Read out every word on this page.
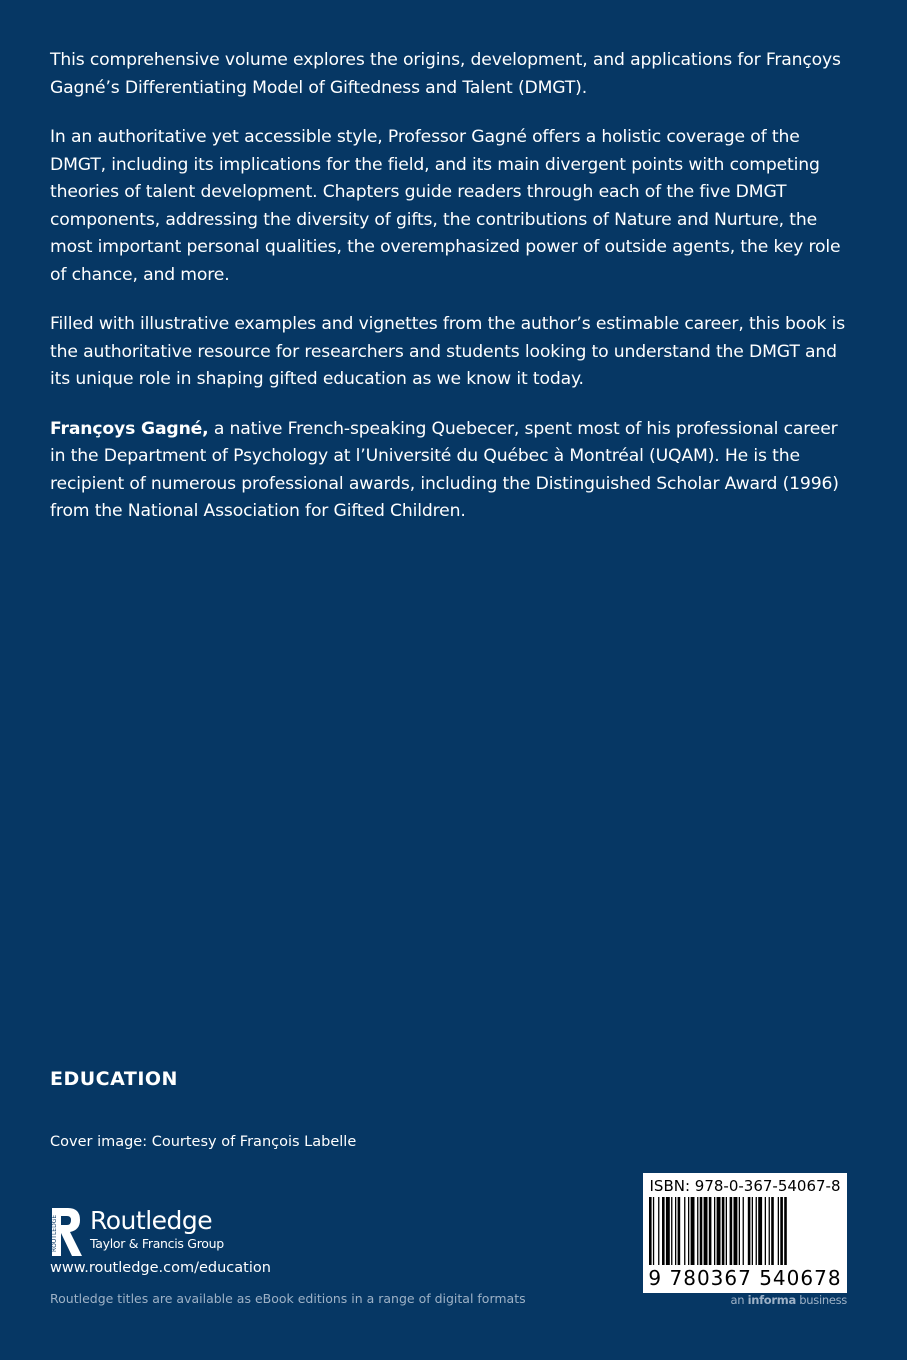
This comprehensive volume explores the origins, development, and applications for Françoys Gagné’s Differentiating Model of Giftedness and Talent (DMGT).

In an authoritative yet accessible style, Professor Gagné offers a holistic coverage of the DMGT, including its implications for the field, and its main divergent points with competing theories of talent development. Chapters guide readers through each of the five DMGT components, addressing the diversity of gifts, the contributions of Nature and Nurture, the most important personal qualities, the overemphasized power of outside agents, the key role of chance, and more.

Filled with illustrative examples and vignettes from the author’s estimable career, this book is the authoritative resource for researchers and students looking to understand the DMGT and its unique role in shaping gifted education as we know it today.

Françoys Gagné, a native French-speaking Quebecer, spent most of his professional career in the Department of Psychology at l’Université du Québec à Montréal (UQAM). He is the recipient of numerous professional awards, including the Distinguished Scholar Award (1996) from the National Association for Gifted Children.

EDUCATION
Cover image: Courtesy of François Labelle
ROUTLEDGE Routledge
Taylor & Francis Group
www.routledge.com/education
Routledge titles are available as eBook editions in a range of digital formats
ISBN: 978-0-367-54067-8
9 780367 540678
an informa business
